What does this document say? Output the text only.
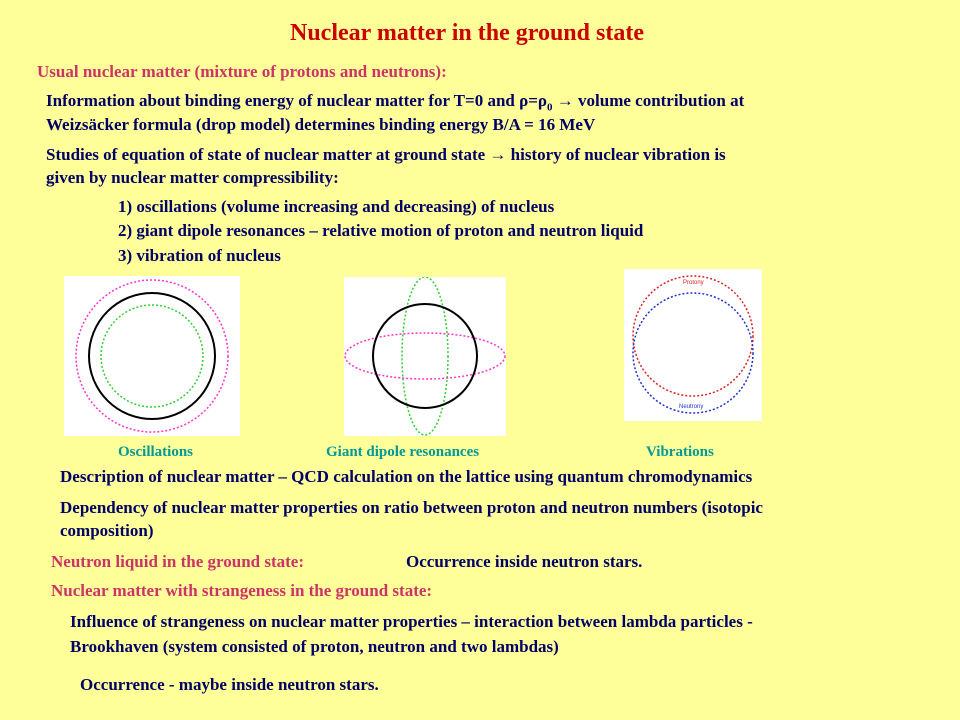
Nuclear matter in the ground state
Usual nuclear matter (mixture of protons and neutrons):
Information about binding energy of nuclear matter for T=0 and $\rho=\rho_0$ → volume contribution at
Weizsäcker formula (drop model) determines binding energy B/A = 16 MeV
Studies of equation of state of nuclear matter at ground state → history of nuclear vibration is
given by nuclear matter compressibility:
1) oscillations (volume increasing and decreasing) of nucleus
2) giant dipole resonances – relative motion of proton and neutron liquid
3) vibration of nucleus
Protony
Neutrony
Oscillations	Giant dipole resonances	Vibrations
Description of nuclear matter – QCD calculation on the lattice using quantum chromodynamics
Dependency of nuclear matter properties on ratio between proton and neutron numbers (isotopic
composition)
Neutron liquid in the ground state:	Occurrence inside neutron stars.
Nuclear matter with strangeness in the ground state:
Influence of strangeness on nuclear matter properties – interaction between lambda particles -
Brookhaven (system consisted of proton, neutron and two lambdas)
Occurrence - maybe inside neutron stars.
